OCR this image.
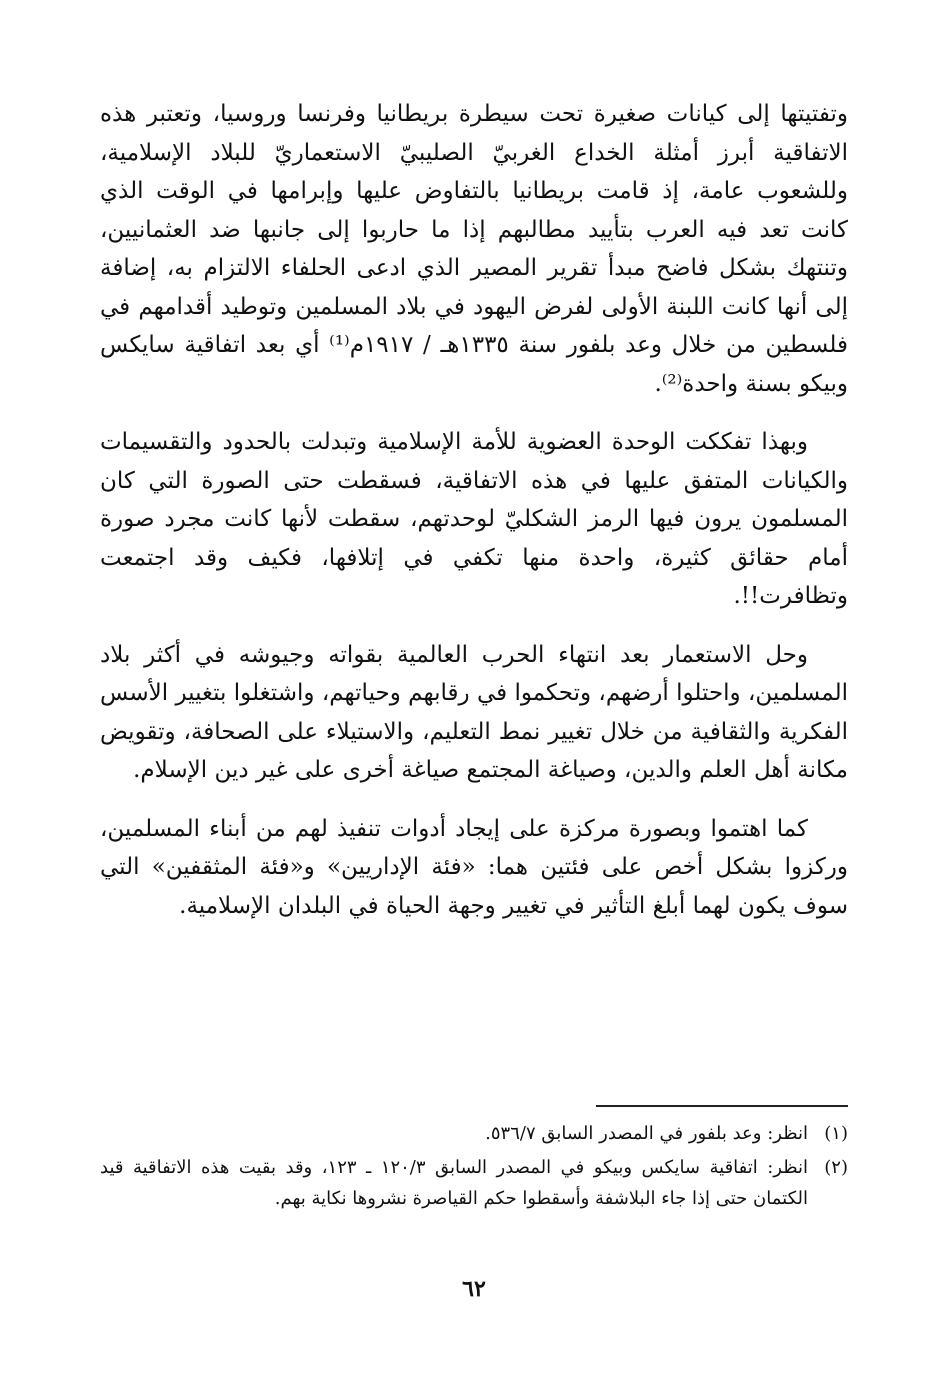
وتفتيتها إلى كيانات صغيرة تحت سيطرة بريطانيا وفرنسا وروسيا، وتعتبر هذه الاتفاقية أبرز أمثلة الخداع الغربيّ الصليبيّ الاستعماريّ للبلاد الإسلامية، وللشعوب عامة، إذ قامت بريطانيا بالتفاوض عليها وإبرامها في الوقت الذي كانت تعد فيه العرب بتأييد مطالبهم إذا ما حاربوا إلى جانبها ضد العثمانيين، وتنتهك بشكل فاضح مبدأ تقرير المصير الذي ادعى الحلفاء الالتزام به، إضافة إلى أنها كانت اللبنة الأولى لفرض اليهود في بلاد المسلمين وتوطيد أقدامهم في فلسطين من خلال وعد بلفور سنة ١٣٣٥هـ / ١٩١٧م⁽¹⁾ أي بعد اتفاقية سايكس وبيكو بسنة واحدة⁽²⁾.

وبهذا تفككت الوحدة العضوية للأمة الإسلامية وتبدلت بالحدود والتقسيمات والكيانات المتفق عليها في هذه الاتفاقية، فسقطت حتى الصورة التي كان المسلمون يرون فيها الرمز الشكليّ لوحدتهم، سقطت لأنها كانت مجرد صورة أمام حقائق كثيرة، واحدة منها تكفي في إتلافها، فكيف وقد اجتمعت وتظافرت!!.

وحل الاستعمار بعد انتهاء الحرب العالمية بقواته وجيوشه في أكثر بلاد المسلمين، واحتلوا أرضهم، وتحكموا في رقابهم وحياتهم، واشتغلوا بتغيير الأسس الفكرية والثقافية من خلال تغيير نمط التعليم، والاستيلاء على الصحافة، وتقويض مكانة أهل العلم والدين، وصياغة المجتمع صياغة أخرى على غير دين الإسلام.

كما اهتموا وبصورة مركزة على إيجاد أدوات تنفيذ لهم من أبناء المسلمين، وركزوا بشكل أخص على فئتين هما: «فئة الإداريين» و«فئة المثقفين» التي سوف يكون لهما أبلغ التأثير في تغيير وجهة الحياة في البلدان الإسلامية.

(١)
انظر: وعد بلفور في المصدر السابق ٥٣٦/٧.
(٢)
انظر: اتفاقية سايكس وبيكو في المصدر السابق ١٢٠/٣ ـ ١٢٣، وقد بقيت هذه الاتفاقية قيد الكتمان حتى إذا جاء البلاشفة وأسقطوا حكم القياصرة نشروها نكاية بهم.
٦٢
